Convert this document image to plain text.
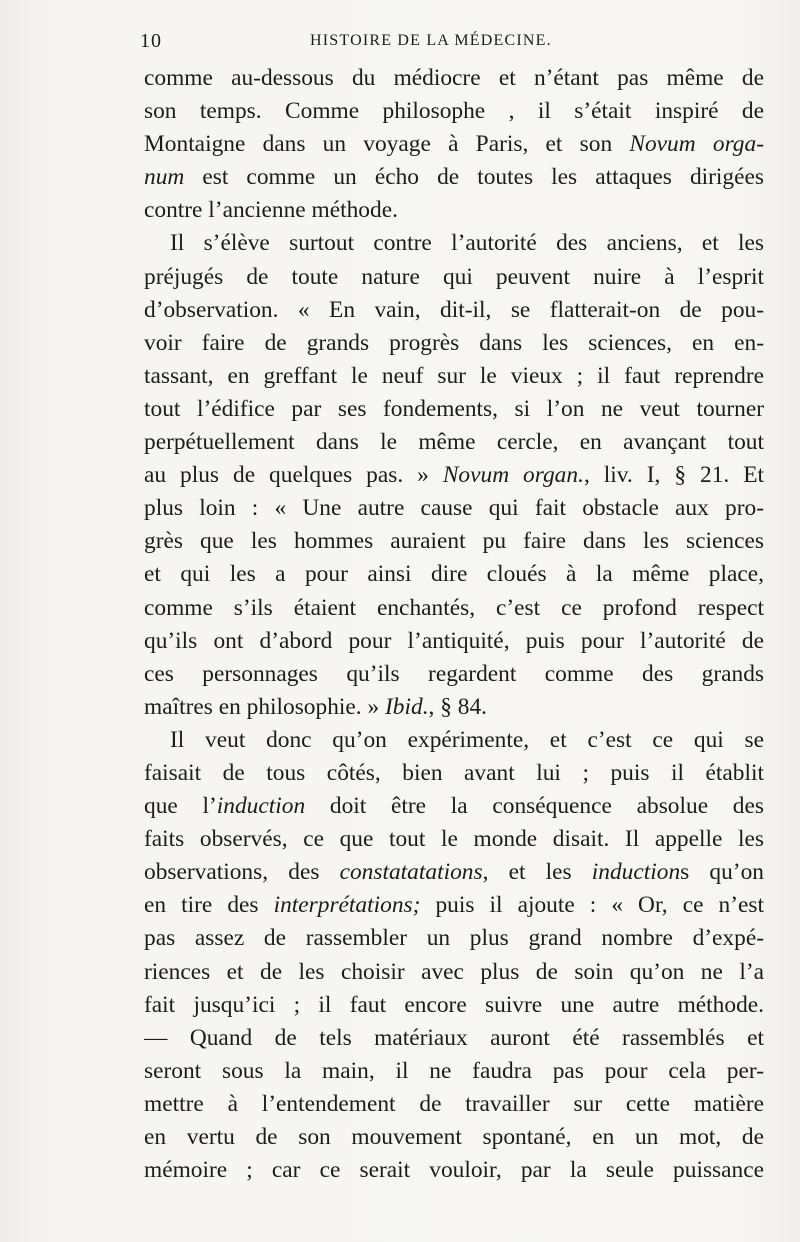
10	HISTOIRE DE LA MÉDECINE.
comme au-dessous du médiocre et n’étant pas même de
son temps. Comme philosophe , il s’était inspiré de
Montaigne dans un voyage à Paris, et son Novum orga-
num est comme un écho de toutes les attaques dirigées
contre l’ancienne méthode.
Il s’élève surtout contre l’autorité des anciens, et les
préjugés de toute nature qui peuvent nuire à l’esprit
d’observation. « En vain, dit-il, se flatterait-on de pou-
voir faire de grands progrès dans les sciences, en en-
tassant, en greffant le neuf sur le vieux ; il faut reprendre
tout l’édifice par ses fondements, si l’on ne veut tourner
perpétuellement dans le même cercle, en avançant tout
au plus de quelques pas. » Novum organ., liv. I, § 21. Et
plus loin : « Une autre cause qui fait obstacle aux pro-
grès que les hommes auraient pu faire dans les sciences
et qui les a pour ainsi dire cloués à la même place,
comme s’ils étaient enchantés, c’est ce profond respect
qu’ils ont d’abord pour l’antiquité, puis pour l’autorité de
ces personnages qu’ils regardent comme des grands
maîtres en philosophie. » Ibid., § 84.
Il veut donc qu’on expérimente, et c’est ce qui se
faisait de tous côtés, bien avant lui ; puis il établit
que l’induction doit être la conséquence absolue des
faits observés, ce que tout le monde disait. Il appelle les
observations, des constatatations, et les inductions qu’on
en tire des interprétations; puis il ajoute : « Or, ce n’est
pas assez de rassembler un plus grand nombre d’expé-
riences et de les choisir avec plus de soin qu’on ne l’a
fait jusqu’ici ; il faut encore suivre une autre méthode.
— Quand de tels matériaux auront été rassemblés et
seront sous la main, il ne faudra pas pour cela per-
mettre à l’entendement de travailler sur cette matière
en vertu de son mouvement spontané, en un mot, de
mémoire ; car ce serait vouloir, par la seule puissance
